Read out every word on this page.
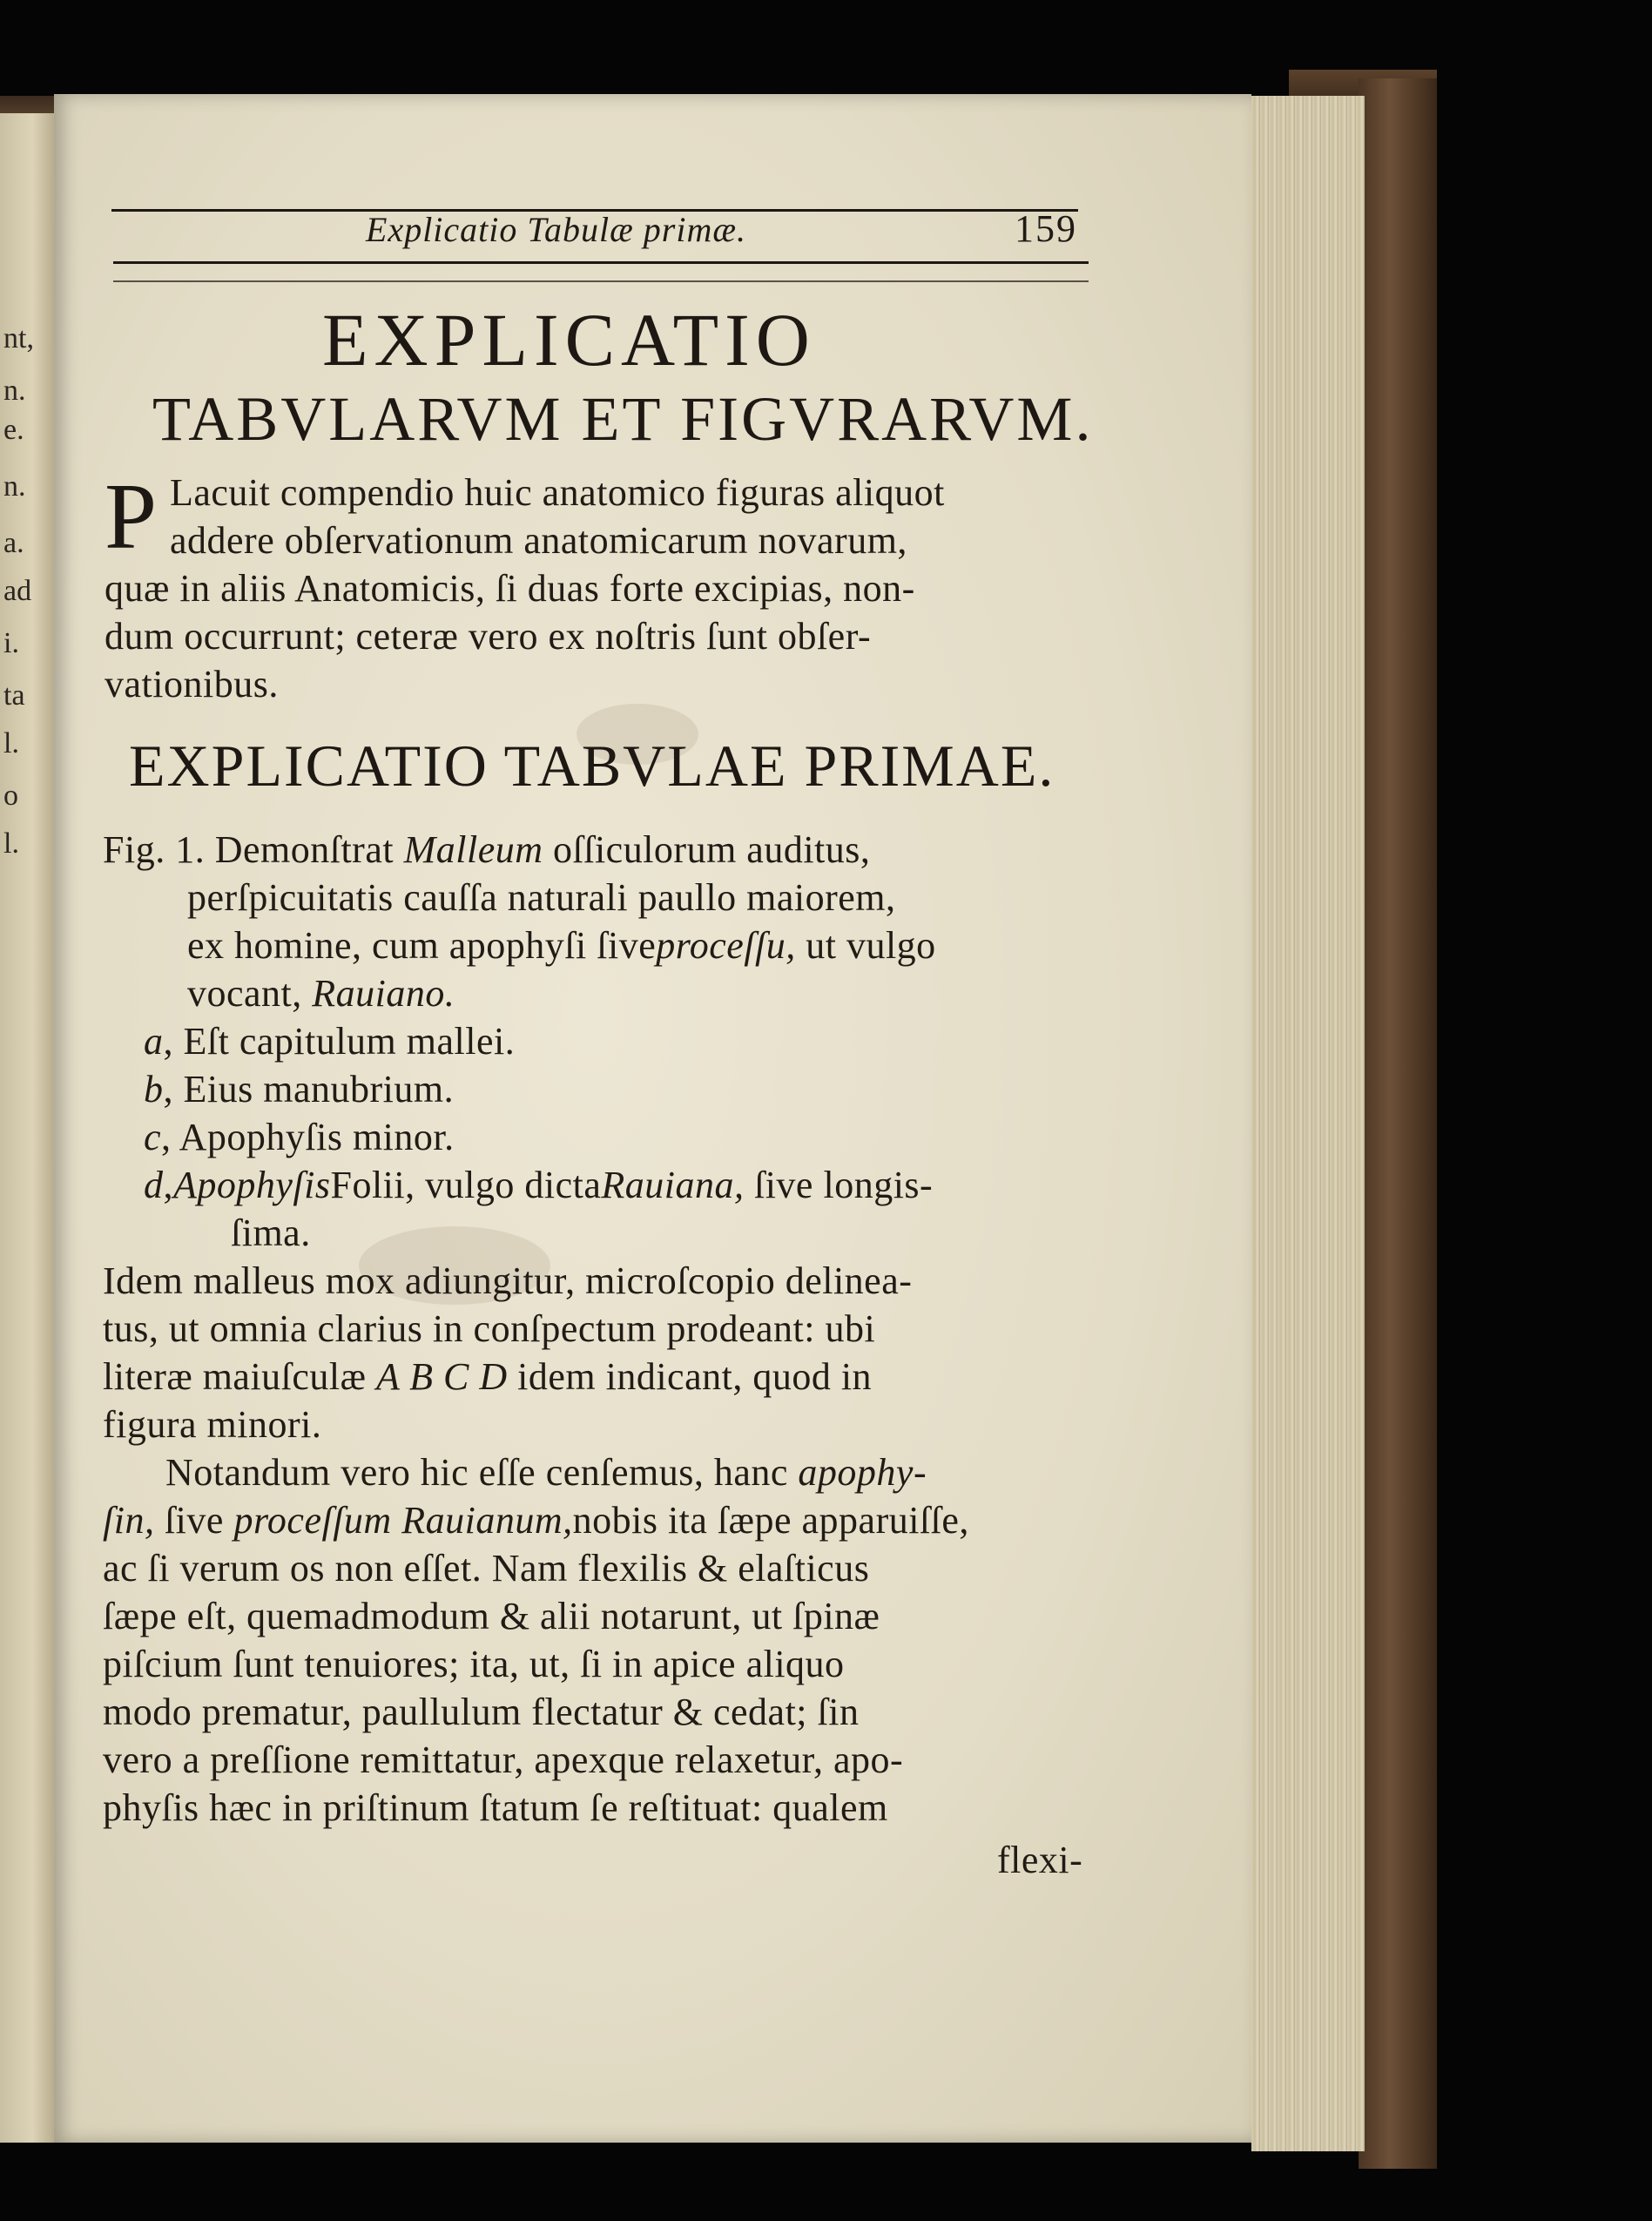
nt,
n.
e.
n.
a.
ad
i.
ta
l.
o
l.
Explicatio Tabulæ primæ.	159
EXPLICATIO
TABVLARVM ET FIGVRARVM.
P Lacuit compendio huic anatomico figuras aliquot
addere obſervationum anatomicarum novarum,
quæ in aliis Anatomicis, ſi duas forte excipias, non-
dum occurrunt; ceteræ vero ex noſtris ſunt obſer-
vationibus.
EXPLICATIO TABVLAE PRIMAE.
Fig. 1. Demonſtrat Malleum oſſiculorum auditus,
perſpicuitatis cauſſa naturali paullo maiorem,
ex homine, cum apophyſi ſiveproceſſu, ut vulgo
vocant, Rauiano.
a, Eſt capitulum mallei.
b, Eius manubrium.
c, Apophyſis minor.
d,ApophyſisFolii, vulgo dictaRauiana, ſive longis-
ſima.
Idem malleus mox adiungitur, microſcopio delinea-
tus, ut omnia clarius in conſpectum prodeant: ubi
literæ maiuſculæ A B C D idem indicant, quod in
figura minori.
Notandum vero hic eſſe cenſemus, hanc apophy-
ſin, ſive proceſſum Rauianum,nobis ita ſæpe apparuiſſe,
ac ſi verum os non eſſet. Nam flexilis & elaſticus
ſæpe eſt, quemadmodum & alii notarunt, ut ſpinæ
piſcium ſunt tenuiores; ita, ut, ſi in apice aliquo
modo prematur, paullulum flectatur & cedat; ſin
vero a preſſione remittatur, apexque relaxetur, apo-
phyſis hæc in priſtinum ſtatum ſe reſtituat: qualem
flexi-
